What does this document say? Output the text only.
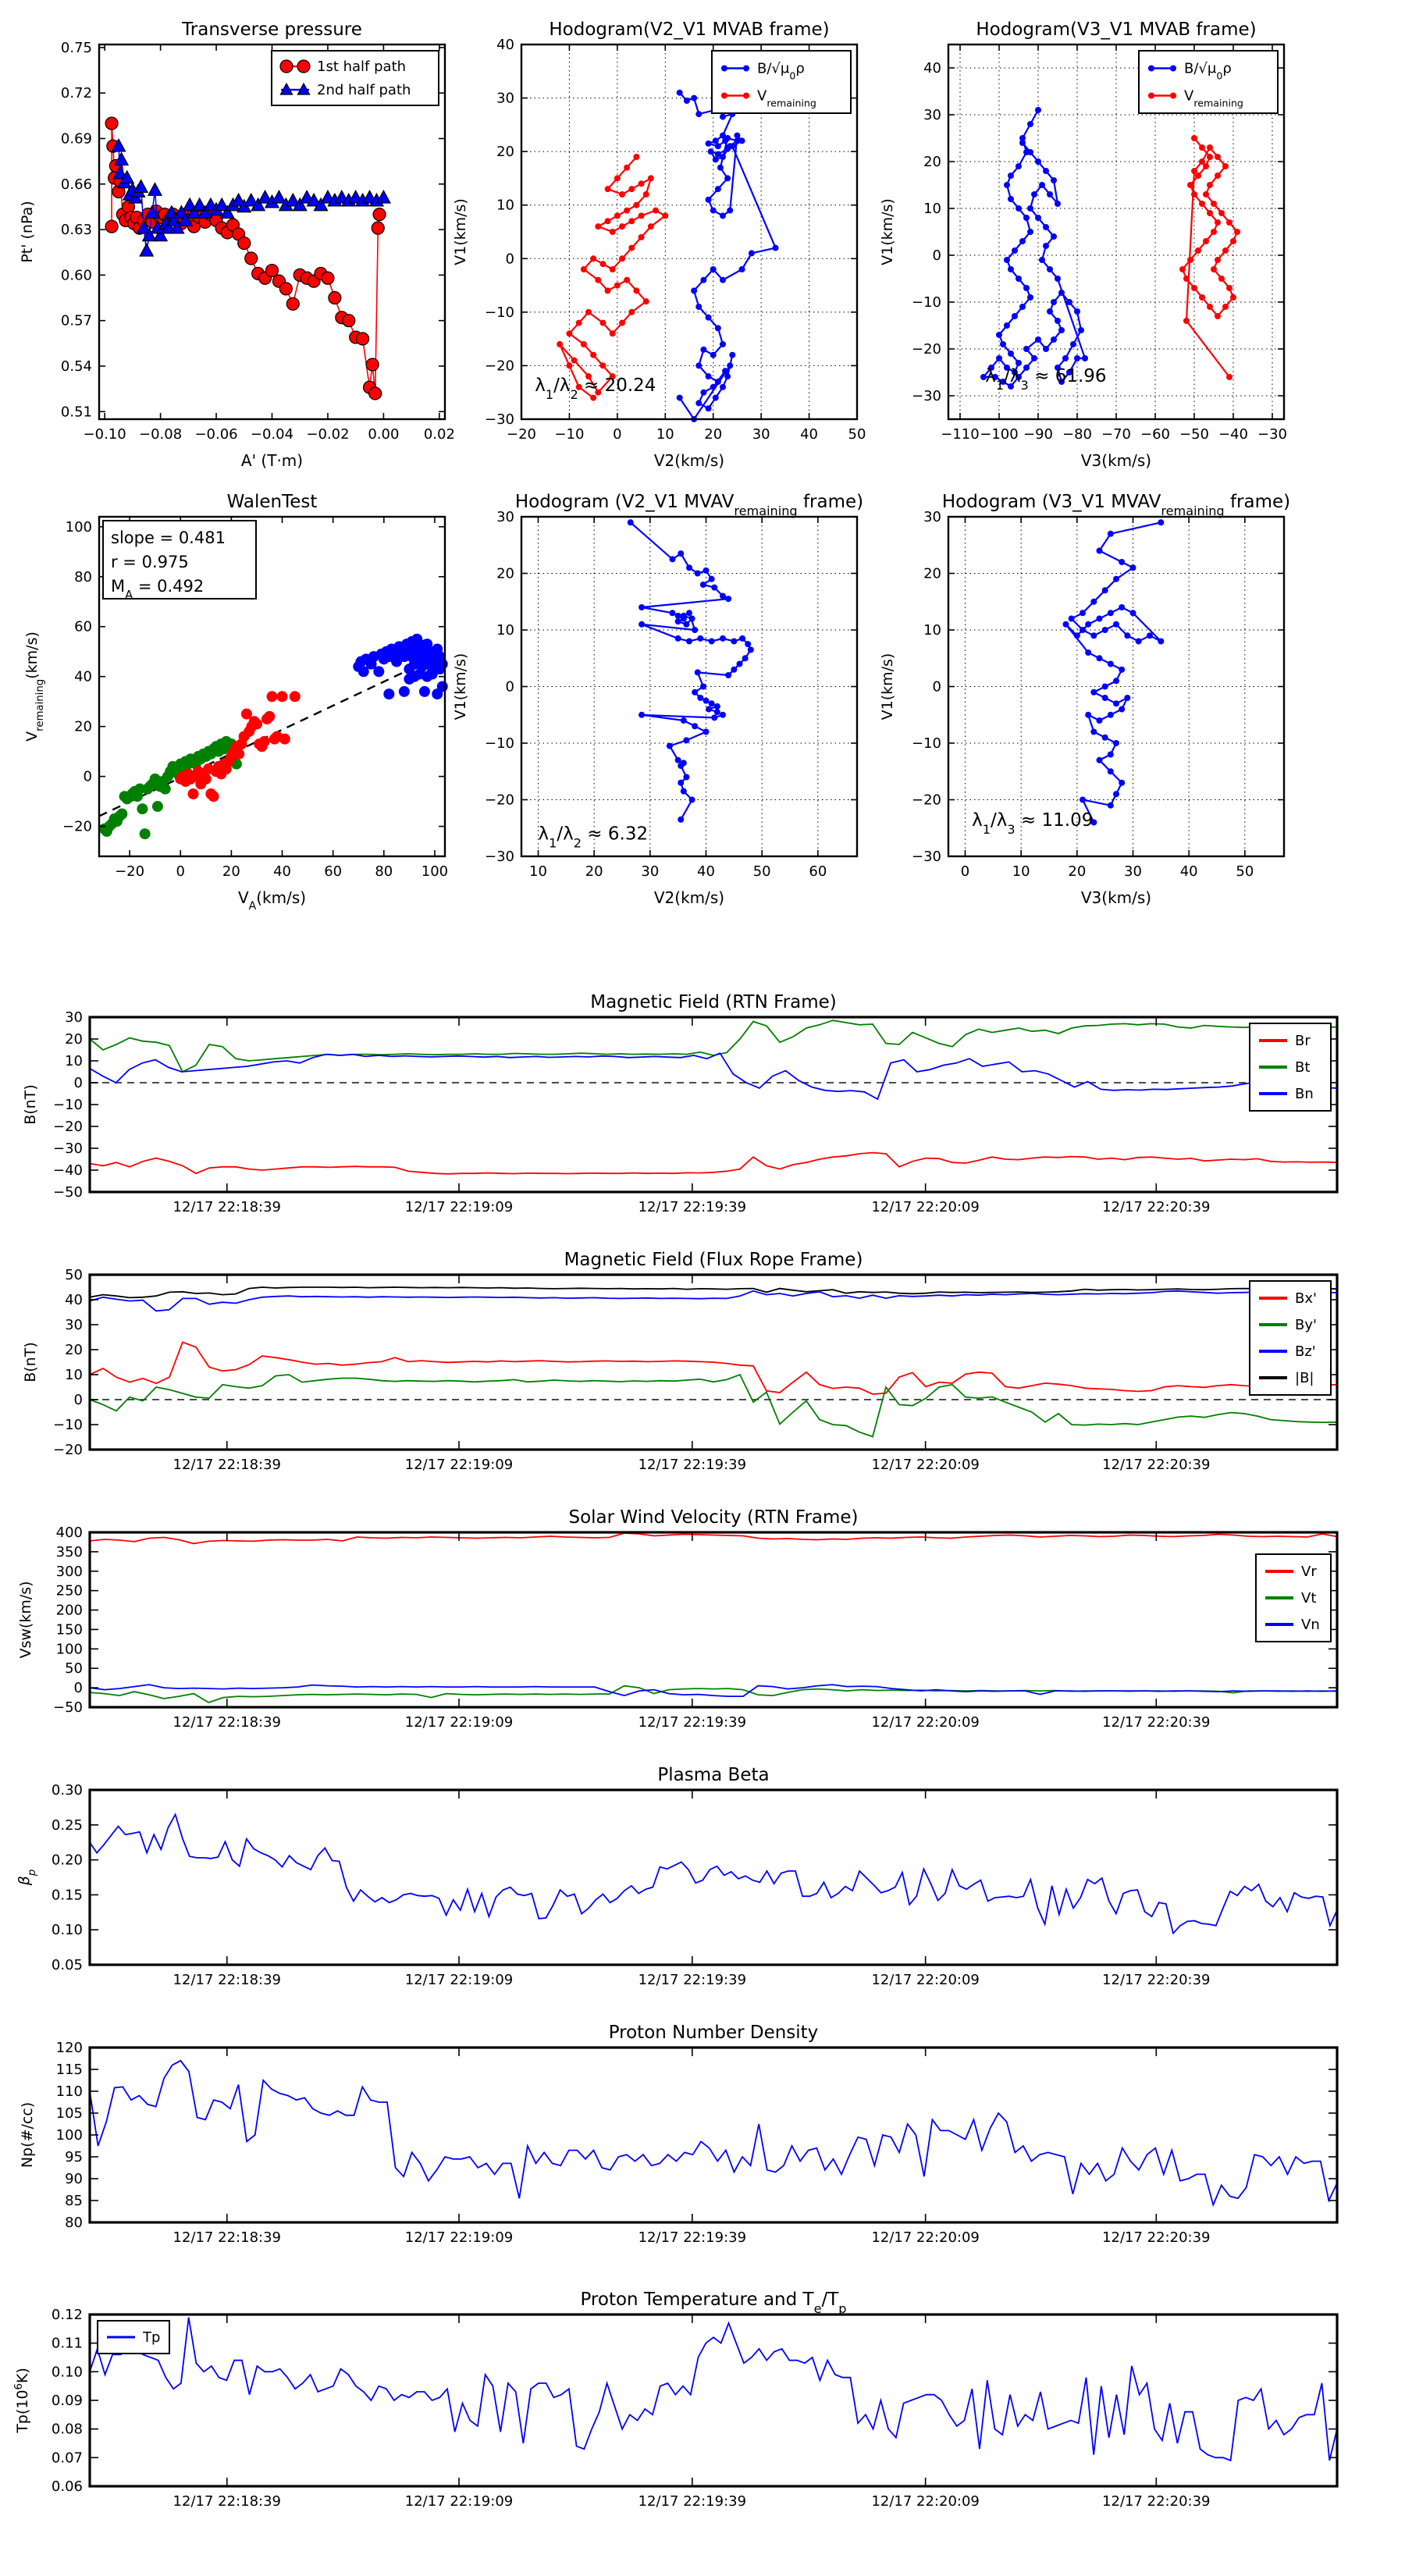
−0.10 −0.08 −0.06 −0.04 −0.02 0.00 0.02
0.51
0.54
0.57
0.60
0.63
0.66
0.69
0.72
0.75
Transverse pressure
A' (T·m)
Pt' (nPa)
1st half path
2nd half path
−20 −10 0 10 20 30 40 50
−30
−20
−10
0
10
20
30
40
Hodogram(V2_V1 MVAB frame)
V2(km/s)
V1(km/s)
$\lambda_1/\lambda_2 \approx 20.24$
$B/√\mu_0\rho$
$V_{remaining}$
−110 −100 −90 −80 −70 −60 −50 −40 −30
−30
−20
−10
0
10
20
30
40
Hodogram(V3_V1 MVAB frame)
V3(km/s)
V1(km/s)
$\lambda_1/\lambda_3 \approx 61.96$
$B/√\mu_0\rho$
$V_{remaining}$
−20 0	20 40 60 80 100
−20
0
20
40
60
80
100
WalenTest
$V_A(km/s)$
$V_{remaining}(km/s)$
slope = 0.481
r = 0.975
$M_A = 0.492$
10	20	30	40	50	60
−30
−20
−10
0
10
20
30
Hodogram (V2_V1 $MVAV_{remaining}$ frame)
V2(km/s)
V1(km/s)
$\lambda_1/\lambda_2 \approx 6.32$
0	10	20	30	40	50
−30
−20
−10
0
10
20
30
Hodogram (V3_V1 $MVAV_{remaining}$ frame)
V3(km/s)
V1(km/s)
$\lambda_1/\lambda_3 \approx 11.09$
12/17 22:18:39	12/17 22:19:09	12/17 22:19:39	12/17 22:20:09	12/17 22:20:39
−50
−40
−30
−20
−10
0
10
20
30
Magnetic Field (RTN Frame)
B(nT)
Br
Bt
Bn
12/17 22:18:39	12/17 22:19:09	12/17 22:19:39	12/17 22:20:09	12/17 22:20:39
−20
−10
0
10
20
30
40
50
Magnetic Field (Flux Rope Frame)
B(nT)
Bx'
By'
Bz'
|B|
12/17 22:18:39	12/17 22:19:09	12/17 22:19:39	12/17 22:20:09	12/17 22:20:39
−50
0
50
100
150
200
250
300
350
400
Solar Wind Velocity (RTN Frame)
Vsw(km/s)
Vr
Vt
Vn
12/17 22:18:39	12/17 22:19:09	12/17 22:19:39	12/17 22:20:09	12/17 22:20:39
0.05
0.10
0.15
0.20
0.25
0.30
Plasma Beta
$\beta_p$
12/17 22:18:39	12/17 22:19:09	12/17 22:19:39	12/17 22:20:09	12/17 22:20:39
80
85
90
95
100
105
110
115
120
Proton Number Density
Np(#/cc)
12/17 22:18:39	12/17 22:19:09	12/17 22:19:39	12/17 22:20:09	12/17 22:20:39
0.06
0.07
0.08
0.09
0.10
0.11
0.12
Proton Temperature and $T_e/T_p$
$Tp(10^6K)$
Tp
